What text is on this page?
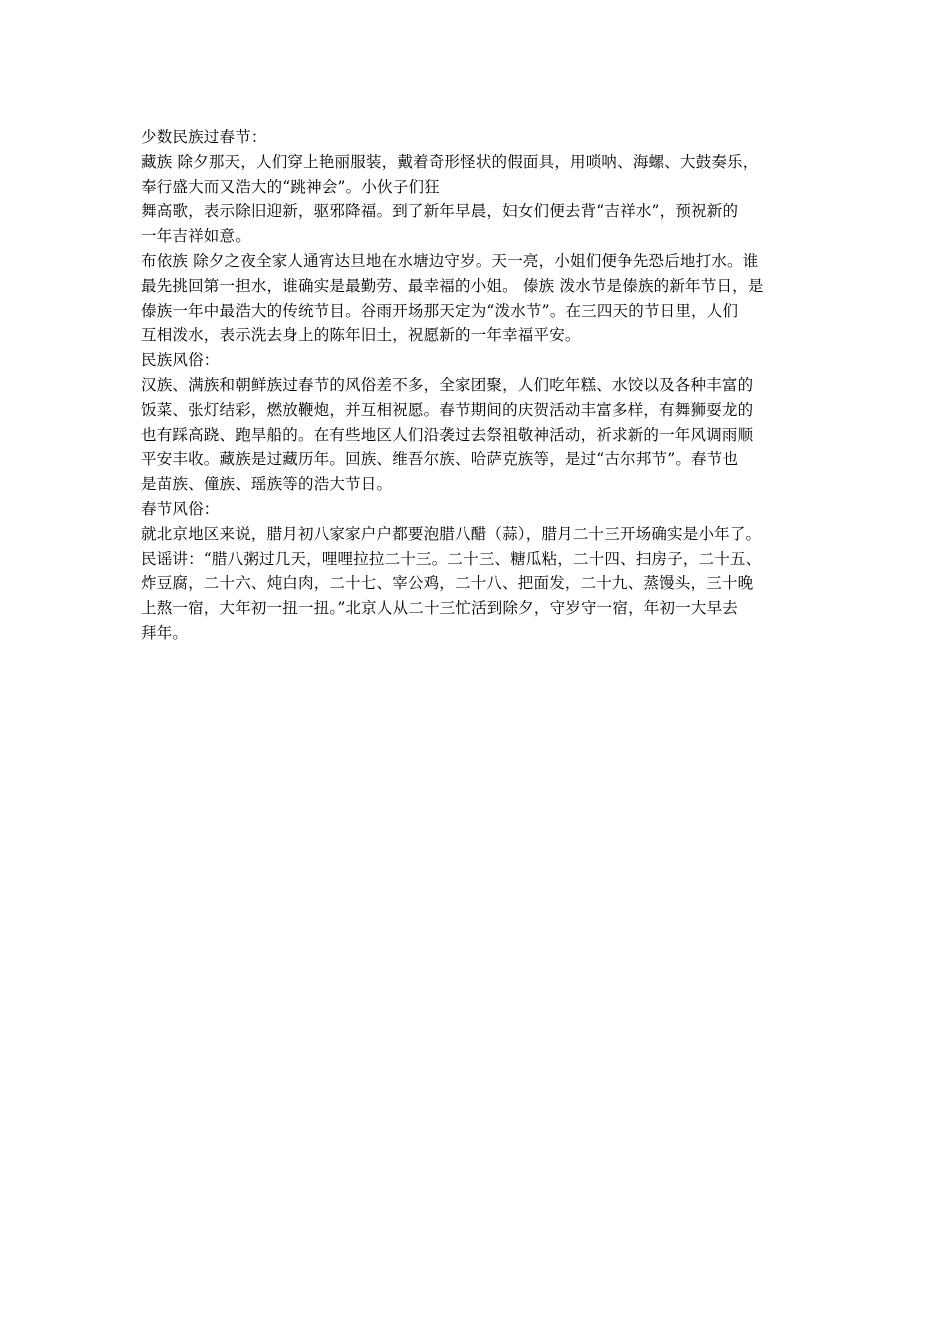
少数民族过春节：
藏族 除夕那天，人们穿上艳丽服装，戴着奇形怪状的假面具，用唢呐、海螺、大鼓奏乐，
奉行盛大而又浩大的“跳神会”。小伙子们狂
舞高歌，表示除旧迎新，驱邪降福。到了新年早晨，妇女们便去背“吉祥水”，预祝新的
一年吉祥如意。
布依族 除夕之夜全家人通宵达旦地在水塘边守岁。天一亮，小姐们便争先恐后地打水。谁
最先挑回第一担水，谁确实是最勤劳、最幸福的小姐。 傣族 泼水节是傣族的新年节日，是
傣族一年中最浩大的传统节目。谷雨开场那天定为“泼水节”。在三四天的节日里，人们
互相泼水，表示洗去身上的陈年旧土，祝愿新的一年幸福平安。
民族风俗：
汉族、满族和朝鲜族过春节的风俗差不多，全家团聚，人们吃年糕、水饺以及各种丰富的
饭菜、张灯结彩，燃放鞭炮，并互相祝愿。春节期间的庆贺活动丰富多样，有舞狮耍龙的
也有踩高跷、跑旱船的。在有些地区人们沿袭过去祭祖敬神活动，祈求新的一年风调雨顺
平安丰收。藏族是过藏历年。回族、维吾尔族、哈萨克族等，是过“古尔邦节”。春节也
是苗族、僮族、瑶族等的浩大节日。
春节风俗：
就北京地区来说，腊月初八家家户户都要泡腊八醋（蒜），腊月二十三开场确实是小年了。
民谣讲：“腊八粥过几天，哩哩拉拉二十三。二十三、糖瓜粘，二十四、扫房子，二十五、
炸豆腐，二十六、炖白肉，二十七、宰公鸡，二十八、把面发，二十九、蒸馒头，三十晚
上熬一宿，大年初一扭一扭。”北京人从二十三忙活到除夕，守岁守一宿，年初一大早去
拜年。
